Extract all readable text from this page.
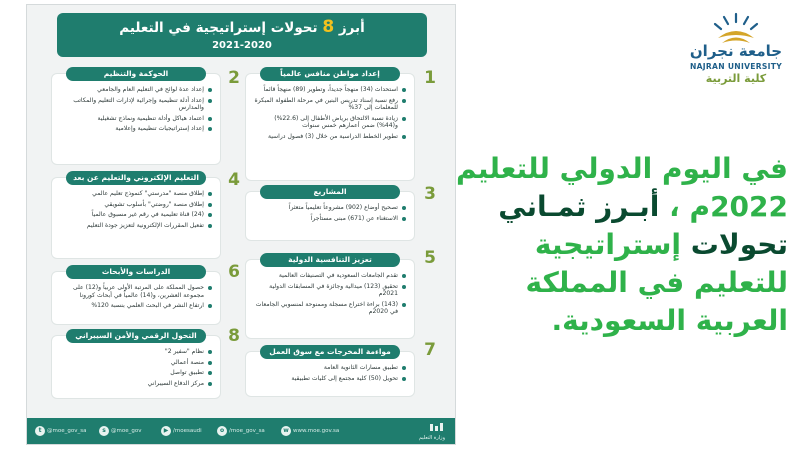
أبرز 8 تحولات إستراتيجية في التعليم
2021-2020
إعداد مواطن منافس عالمياً
استحداث (34) منهجاً جديداً، وتطوير (89) منهجاً قائماً
رفع نسبة إسناد تدريس البنين في مرحلة الطفولة المبكرة للمعلمات إلى 37%
زيادة نسبة الالتحاق برياض الأطفال إلى (22.6%) و(44%) ضمن أعمارهم خمس سنوات
تطوير الخطط الدراسية من خلال (3) فصول دراسية
1
الحوكمة والتنظيم
إعداد عدة لوائح في التعليم العام والجامعي
إعداد أدلة تنظيمية وإجرائية لإدارات التعليم والمكاتب والمدارس
اعتماد هياكل وأدلة تنظيمية ونماذج تشغيلية
إعداد إستراتيجيات تنظيمية وإعلامية
2
المشاريع
تصحيح أوضاع (902) مشروعاً تعليمياً متعثراً
الاستغناء عن (671) مبنى مستأجراً
3
التعليم الإلكتروني والتعليم عن بعد
إطلاق منصة "مدرستي" كنموذج تعليم عالمي
إطلاق منصة "روضتي" بأسلوب تشويقي
(24) قناة تعليمية في رقم غير مسبوق عالمياً
تفعيل المقررات الإلكترونية لتعزيز جودة التعليم
4
تعزيز التنافسية الدولية
تقدم الجامعات السعودية في التصنيفات العالمية
تحقيق (123) ميدالية وجائزة في المسابقات الدولية 2021م
(143) براءة اختراع مسجلة وممنوحة لمنسوبي الجامعات في 2020م
5
الدراسات والأبحاث
حصول المملكة على المرتبة الأولى عربياً و(12) على مجموعة العشرين، و(14) عالمياً في أبحاث كورونا
ارتفاع النشر في البحث العلمي بنسبة 120%
6
مواءمة المخرجات مع سوق العمل
تطبيق مسارات الثانوية العامة
تحويل (50) كلية مجتمع إلى كليات تطبيقية
7
التحول الرقمي والأمن السيبراني
نظام "سفير 2"
منصة أعمالي
تطبيق تواصل
مركز الدفاع السيبراني
8
t	@moe_gov_sa	s @moe_gov	▶ /moesaudi	o /moe_gov_sa	w www.moe.gov.sa
وزارة التعليم
جامعة نجران
NAJRAN UNIVERSITY
كلية التربية
في اليوم الدولي للتعليم
2022م ، أبـرز ثمـاني
تحولات إستراتيجية
للتعليم في المملكة
العربية السعودية.
